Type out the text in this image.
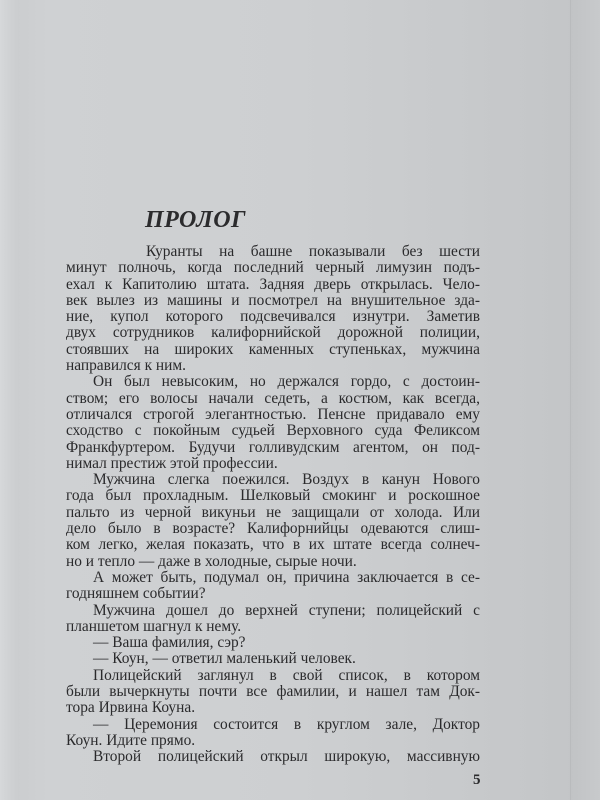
ПРОЛОГ
Куранты на башне показывали без шести
минут полночь, когда последний черный лимузин подъ-
ехал к Капитолию штата. Задняя дверь открылась. Чело-
век вылез из машины и посмотрел на внушительное зда-
ние, купол которого подсвечивался изнутри. Заметив
двух сотрудников калифорнийской дорожной полиции,
стоявших на широких каменных ступеньках, мужчина
направился к ним.
Он был невысоким, но держался гордо, с достоин-
ством; его волосы начали седеть, а костюм, как всегда,
отличался строгой элегантностью. Пенсне придавало ему
сходство с покойным судьей Верховного суда Феликсом
Франкфуртером. Будучи голливудским агентом, он под-
нимал престиж этой профессии.
Мужчина слегка поежился. Воздух в канун Нового
года был прохладным. Шелковый смокинг и роскошное
пальто из черной викуньи не защищали от холода. Или
дело было в возрасте? Калифорнийцы одеваются слиш-
ком легко, желая показать, что в их штате всегда солнеч-
но и тепло — даже в холодные, сырые ночи.
А может быть, подумал он, причина заключается в се-
годняшнем событии?
Мужчина дошел до верхней ступени; полицейский с
планшетом шагнул к нему.
— Ваша фамилия, сэр?
— Коун, — ответил маленький человек.
Полицейский заглянул в свой список, в котором
были вычеркнуты почти все фамилии, и нашел там Док-
тора Ирвина Коуна.
— Церемония состоится в круглом зале, Доктор
Коун. Идите прямо.
Второй полицейский открыл широкую, массивную
5
